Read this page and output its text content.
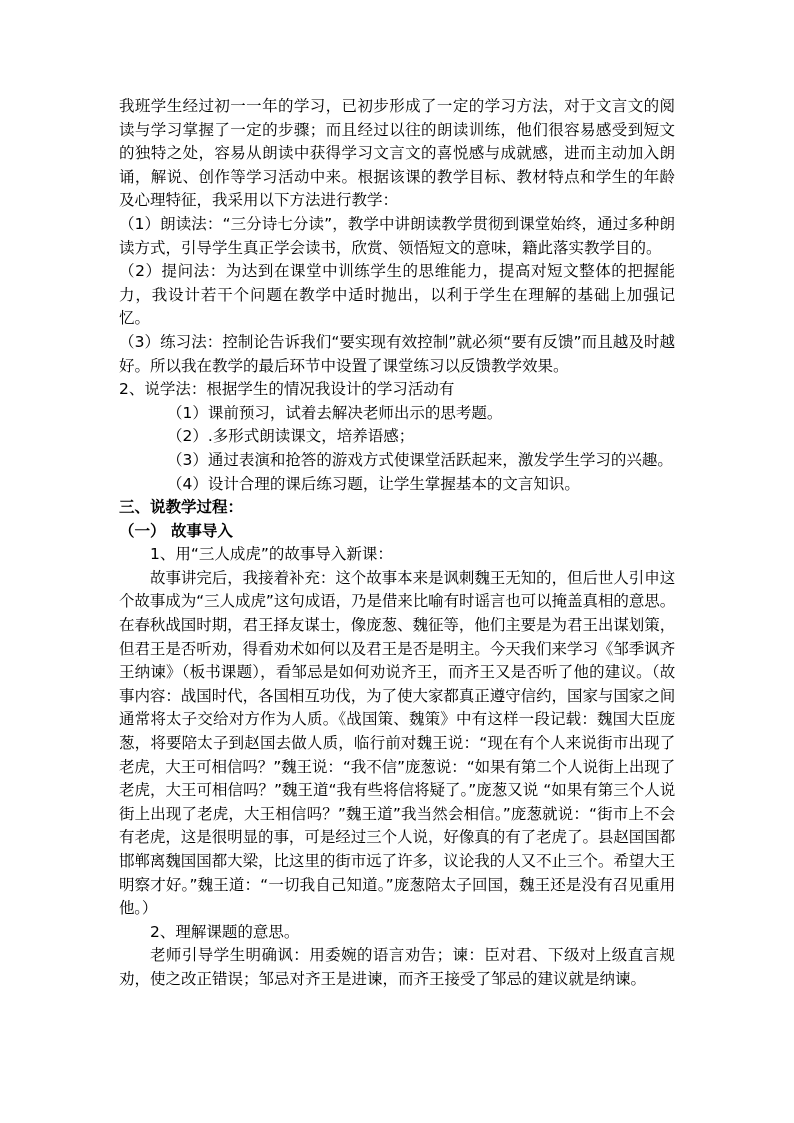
我班学生经过初一一年的学习，已初步形成了一定的学习方法，对于文言文的阅读与学习掌握了一定的步骤；而且经过以往的朗读训练，他们很容易感受到短文的独特之处，容易从朗读中获得学习文言文的喜悦感与成就感，进而主动加入朗诵，解说、创作等学习活动中来。根据该课的教学目标、教材特点和学生的年龄及心理特征，我采用以下方法进行教学：

（1）朗读法：“三分诗七分读”，教学中讲朗读教学贯彻到课堂始终，通过多种朗读方式，引导学生真正学会读书，欣赏、领悟短文的意味，籍此落实教学目的。

（2）提问法：为达到在课堂中训练学生的思维能力，提高对短文整体的把握能力，我设计若干个问题在教学中适时抛出，以利于学生在理解的基础上加强记忆。

（3）练习法：控制论告诉我们“要实现有效控制”就必须“要有反馈”而且越及时越好。所以我在教学的最后环节中设置了课堂练习以反馈教学效果。

2、说学法：根据学生的情况我设计的学习活动有

（1）课前预习，试着去解决老师出示的思考题。

（2）.多形式朗读课文，培养语感；

（3）通过表演和抢答的游戏方式使课堂活跃起来，激发学生学习的兴趣。

（4）设计合理的课后练习题，让学生掌握基本的文言知识。

三、说教学过程：

（一） 故事导入

1、用“三人成虎”的故事导入新课：

故事讲完后，我接着补充：这个故事本来是讽刺魏王无知的，但后世人引申这个故事成为“三人成虎”这句成语，乃是借来比喻有时谣言也可以掩盖真相的意思。在春秋战国时期，君王择友谋士，像庞葱、魏征等，他们主要是为君王出谋划策，但君王是否听劝，得看劝术如何以及君王是否是明主。今天我们来学习《邹季讽齐王纳谏》（板书课题），看邹忌是如何劝说齐王，而齐王又是否听了他的建议。（故事内容：战国时代，各国相互功伐，为了使大家都真正遵守信约，国家与国家之间通常将太子交给对方作为人质。《战国策、魏策》中有这样一段记载：魏国大臣庞葱，将要陪太子到赵国去做人质，临行前对魏王说：“现在有个人来说街市出现了老虎，大王可相信吗？”魏王说：“我不信”庞葱说：“如果有第二个人说街上出现了老虎，大王可相信吗？”魏王道“我有些将信将疑了。”庞葱又说 “如果有第三个人说街上出现了老虎，大王相信吗？”魏王道”我当然会相信。”庞葱就说：“街市上不会有老虎，这是很明显的事，可是经过三个人说，好像真的有了老虎了。县赵国国都邯郸离魏国国都大梁，比这里的街市远了许多，议论我的人又不止三个。希望大王明察才好。”魏王道：“一切我自己知道。”庞葱陪太子回国，魏王还是没有召见重用他。）

2、理解课题的意思。

老师引导学生明确讽：用委婉的语言劝告；谏：臣对君、下级对上级直言规劝，使之改正错误；邹忌对齐王是进谏，而齐王接受了邹忌的建议就是纳谏。
